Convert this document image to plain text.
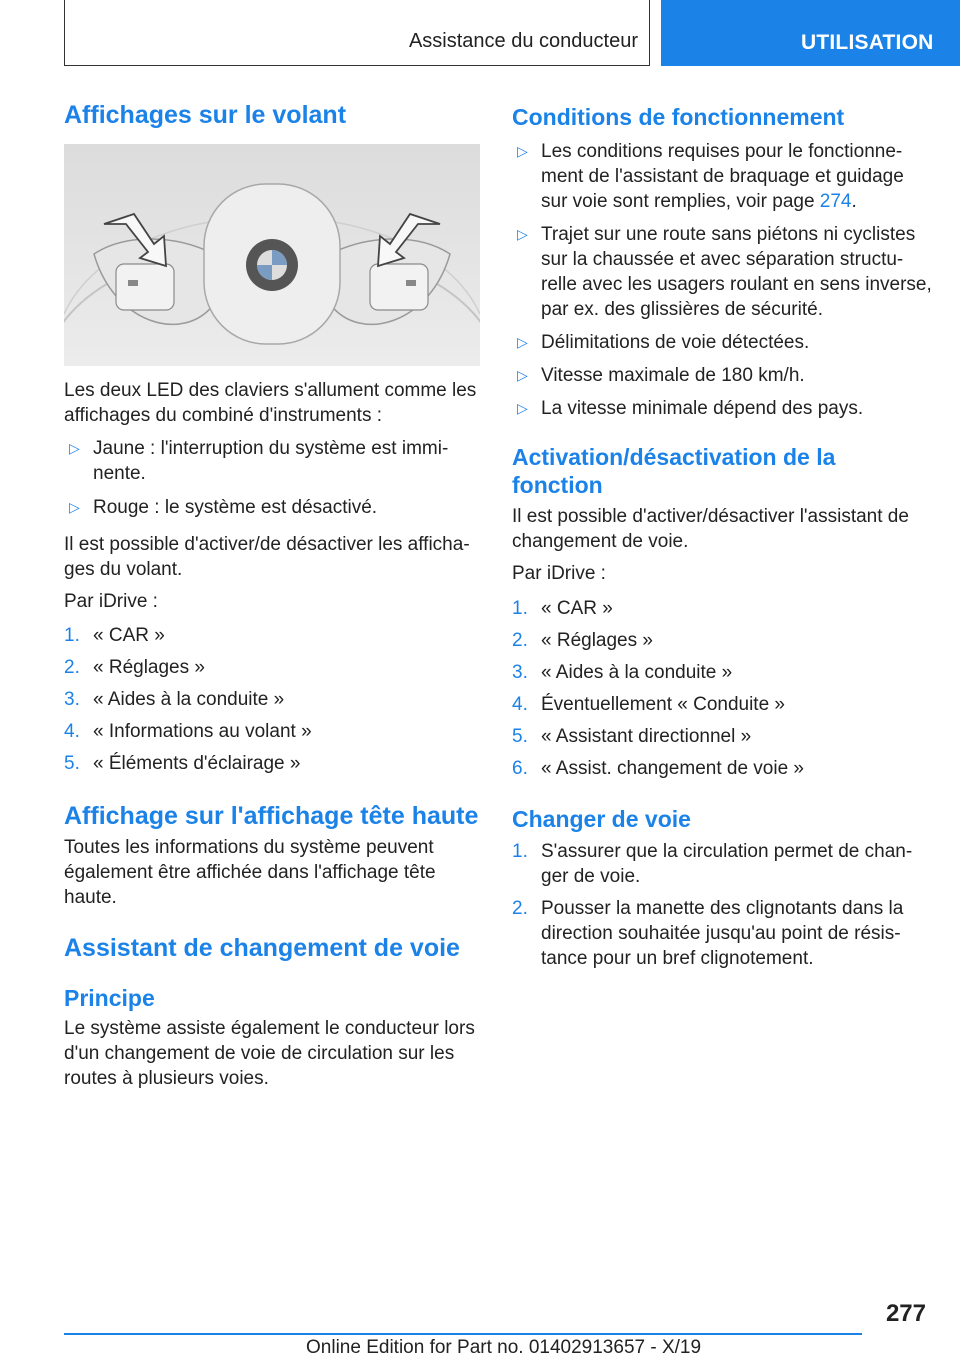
Assistance du conducteur	UTILISATION
Affichages sur le volant

Les deux LED des claviers s'allument comme les affichages du combiné d'instruments :

▷ Jaune : l'interruption du système est imminente.
▷ Rouge : le système est désactivé.

Il est possible d'activer/de désactiver les affichages du volant.

Par iDrive :

1. « CAR »
2. « Réglages »
3. « Aides à la conduite »
4. « Informations au volant »
5. « Éléments d'éclairage »
Affichage sur l'affichage tête haute

Toutes les informations du système peuvent également être affichée dans l'affichage tête haute.

Assistant de changement de voie
Principe

Le système assiste également le conducteur lors d'un changement de voie de circulation sur les routes à plusieurs voies.

Conditions de fonctionnement
▷ Les conditions requises pour le fonctionnement de l'assistant de braquage et guidage sur voie sont remplies, voir page 274.
▷ Trajet sur une route sans piétons ni cyclistes sur la chaussée et avec séparation structurelle avec les usagers roulant en sens inverse, par ex. des glissières de sécurité.
▷ Délimitations de voie détectées.
▷ Vitesse maximale de 180 km/h.
▷ La vitesse minimale dépend des pays.
Activation/désactivation de la fonction

Il est possible d'activer/désactiver l'assistant de changement de voie.

Par iDrive :

1. « CAR »
2. « Réglages »
3. « Aides à la conduite »
4. Éventuellement « Conduite »
5. « Assistant directionnel »
6. « Assist. changement de voie »
Changer de voie
1. S'assurer que la circulation permet de changer de voie.
2. Pousser la manette des clignotants dans la direction souhaitée jusqu'au point de résistance pour un bref clignotement.
277
Online Edition for Part no. 01402913657 - X/19
